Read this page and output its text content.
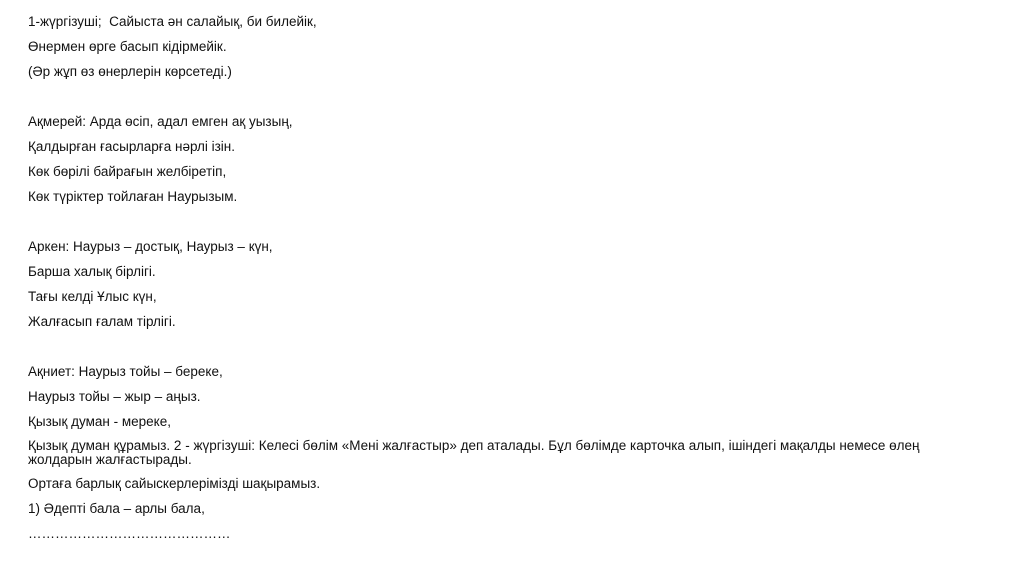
1-жүргізуші;  Сайыста ән салайық, би билейік,
Өнермен өрге басып кідірмейік.
(Әр жұп өз өнерлерін көрсетеді.)
Ақмерей: Арда өсіп, адал емген ақ уызың,
Қалдырған ғасырларға нәрлі ізін.
Көк бөрілі байрағын желбіретіп,
Көк түріктер тойлаған Наурызым.
Аркен: Наурыз – достық, Наурыз – күн,
Барша халық бірлігі.
Тағы келді Ұлыс күн,
Жалғасып ғалам тірлігі.
Ақниет: Наурыз тойы – береке,
Наурыз тойы – жыр – аңыз.
Қызық думан - мереке,
Қызық думан құрамыз. 2 - жүргізуші: Келесі бөлім «Мені жалғастыр» деп аталады. Бұл бөлімде карточка алып, ішіндегі мақалды немесе өлең жолдарын жалғастырады.
Ортаға барлық сайыскерлерімізді шақырамыз.
1) Әдепті бала – арлы бала,
………………………………………
